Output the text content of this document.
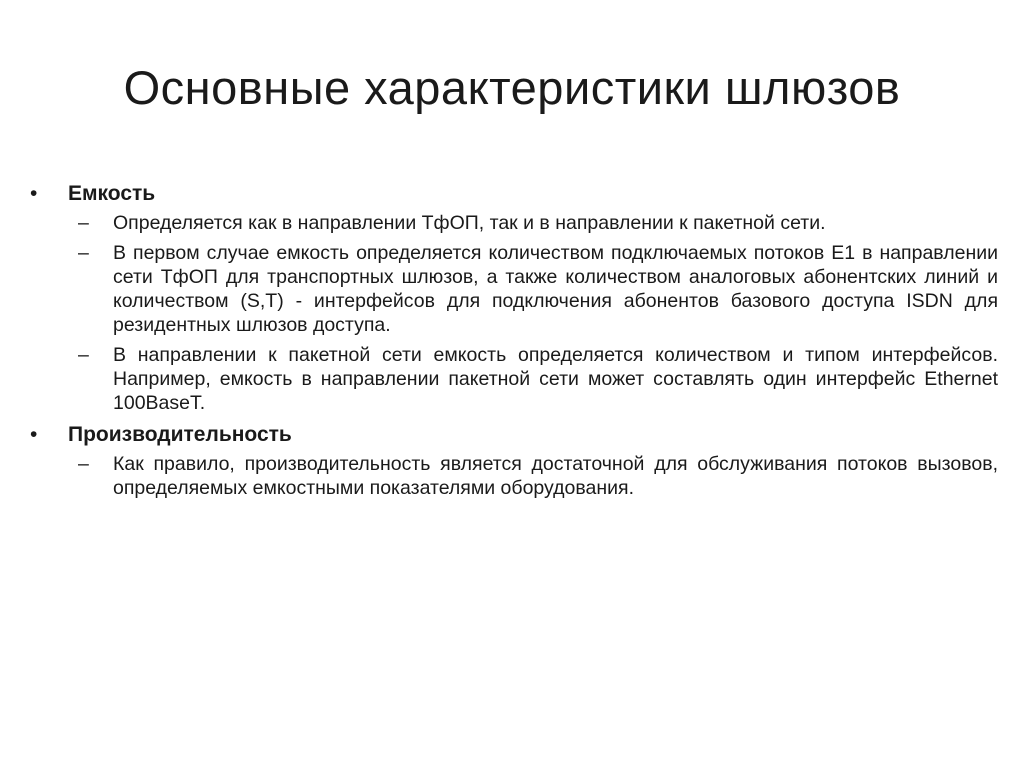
Основные характеристики шлюзов
• Емкость
– Определяется как в направлении ТфОП, так и в направлении к пакетной сети.
– В первом случае емкость определяется количеством подключаемых потоков Е1 в направлении сети ТфОП для транспортных шлюзов, а также количеством аналоговых абонентских линий и количеством (S,T) - интерфейсов для подключения абонентов базового доступа ISDN для резидентных шлюзов доступа.
– В направлении к пакетной сети емкость определяется количеством и типом интерфейсов. Например, емкость в направлении пакетной сети может составлять один интерфейс Ethernet 100BaseT.
• Производительность
– Как правило, производительность является достаточной для обслуживания потоков вызовов, определяемых емкостными показателями оборудования.
